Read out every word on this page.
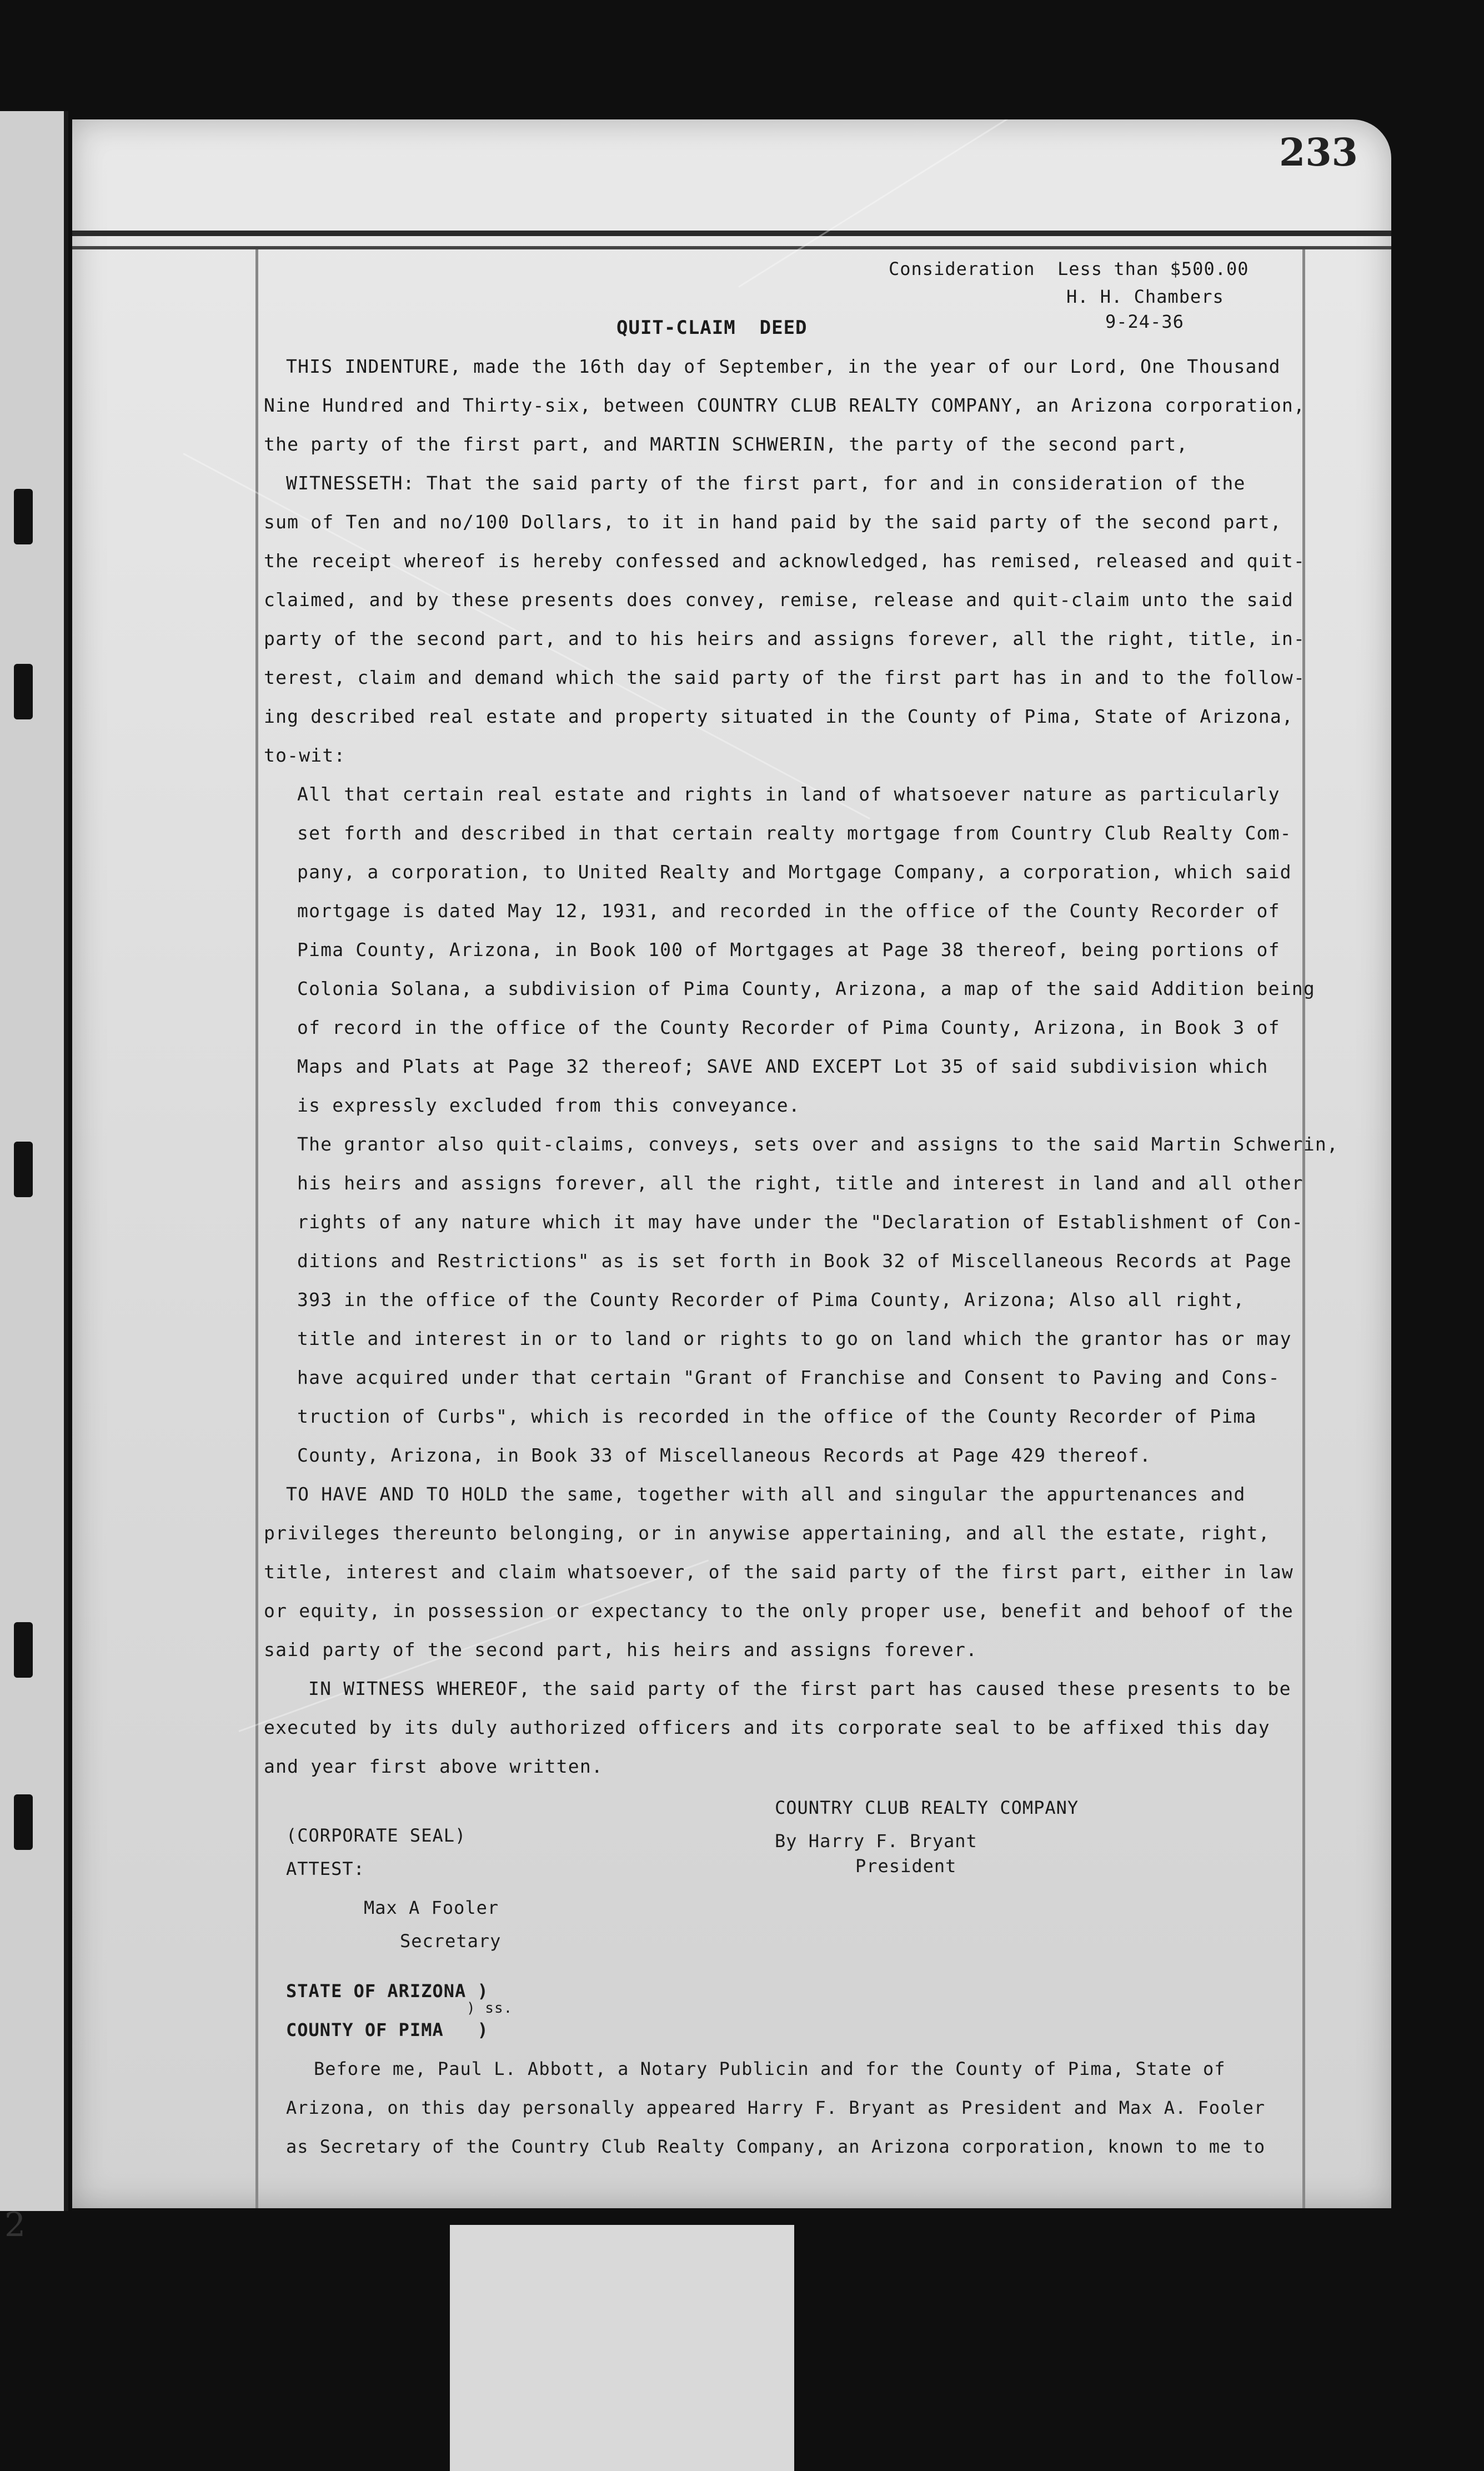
2
233
Consideration  Less than $500.00
H. H. Chambers
9-24-36
QUIT-CLAIM  DEED
THIS INDENTURE, made the 16th day of September, in the year of our Lord, One Thousand
Nine Hundred and Thirty-six, between COUNTRY CLUB REALTY COMPANY, an Arizona corporation,
the party of the first part, and MARTIN SCHWERIN, the party of the second part,
WITNESSETH: That the said party of the first part, for and in consideration of the
sum of Ten and no/100 Dollars, to it in hand paid by the said party of the second part,
the receipt whereof is hereby confessed and acknowledged, has remised, released and quit-
claimed, and by these presents does convey, remise, release and quit-claim unto the said
party of the second part, and to his heirs and assigns forever, all the right, title, in-
terest, claim and demand which the said party of the first part has in and to the follow-
ing described real estate and property situated in the County of Pima, State of Arizona,
to-wit:
All that certain real estate and rights in land of whatsoever nature as particularly
set forth and described in that certain realty mortgage from Country Club Realty Com-
pany, a corporation, to United Realty and Mortgage Company, a corporation, which said
mortgage is dated May 12, 1931, and recorded in the office of the County Recorder of
Pima County, Arizona, in Book 100 of Mortgages at Page 38 thereof, being portions of
Colonia Solana, a subdivision of Pima County, Arizona, a map of the said Addition being
of record in the office of the County Recorder of Pima County, Arizona, in Book 3 of
Maps and Plats at Page 32 thereof; SAVE AND EXCEPT Lot 35 of said subdivision which
is expressly excluded from this conveyance.
The grantor also quit-claims, conveys, sets over and assigns to the said Martin Schwerin,
his heirs and assigns forever, all the right, title and interest in land and all other
rights of any nature which it may have under the "Declaration of Establishment of Con-
ditions and Restrictions" as is set forth in Book 32 of Miscellaneous Records at Page
393 in the office of the County Recorder of Pima County, Arizona; Also all right,
title and interest in or to land or rights to go on land which the grantor has or may
have acquired under that certain "Grant of Franchise and Consent to Paving and Cons-
truction of Curbs", which is recorded in the office of the County Recorder of Pima
County, Arizona, in Book 33 of Miscellaneous Records at Page 429 thereof.
TO HAVE AND TO HOLD the same, together with all and singular the appurtenances and
privileges thereunto belonging, or in anywise appertaining, and all the estate, right,
title, interest and claim whatsoever, of the said party of the first part, either in law
or equity, in possession or expectancy to the only proper use, benefit and behoof of the
said party of the second part, his heirs and assigns forever.
IN WITNESS WHEREOF, the said party of the first part has caused these presents to be
executed by its duly authorized officers and its corporate seal to be affixed this day
and year first above written.
COUNTRY CLUB REALTY COMPANY
By Harry F. Bryant
President
(CORPORATE SEAL)
ATTEST:
Max A Fooler
Secretary
STATE OF ARIZONA )
) ss.
COUNTY OF PIMA   )
Before me, Paul L. Abbott, a Notary Publicin and for the County of Pima, State of
Arizona, on this day personally appeared Harry F. Bryant as President and Max A. Fooler
as Secretary of the Country Club Realty Company, an Arizona corporation, known to me to
